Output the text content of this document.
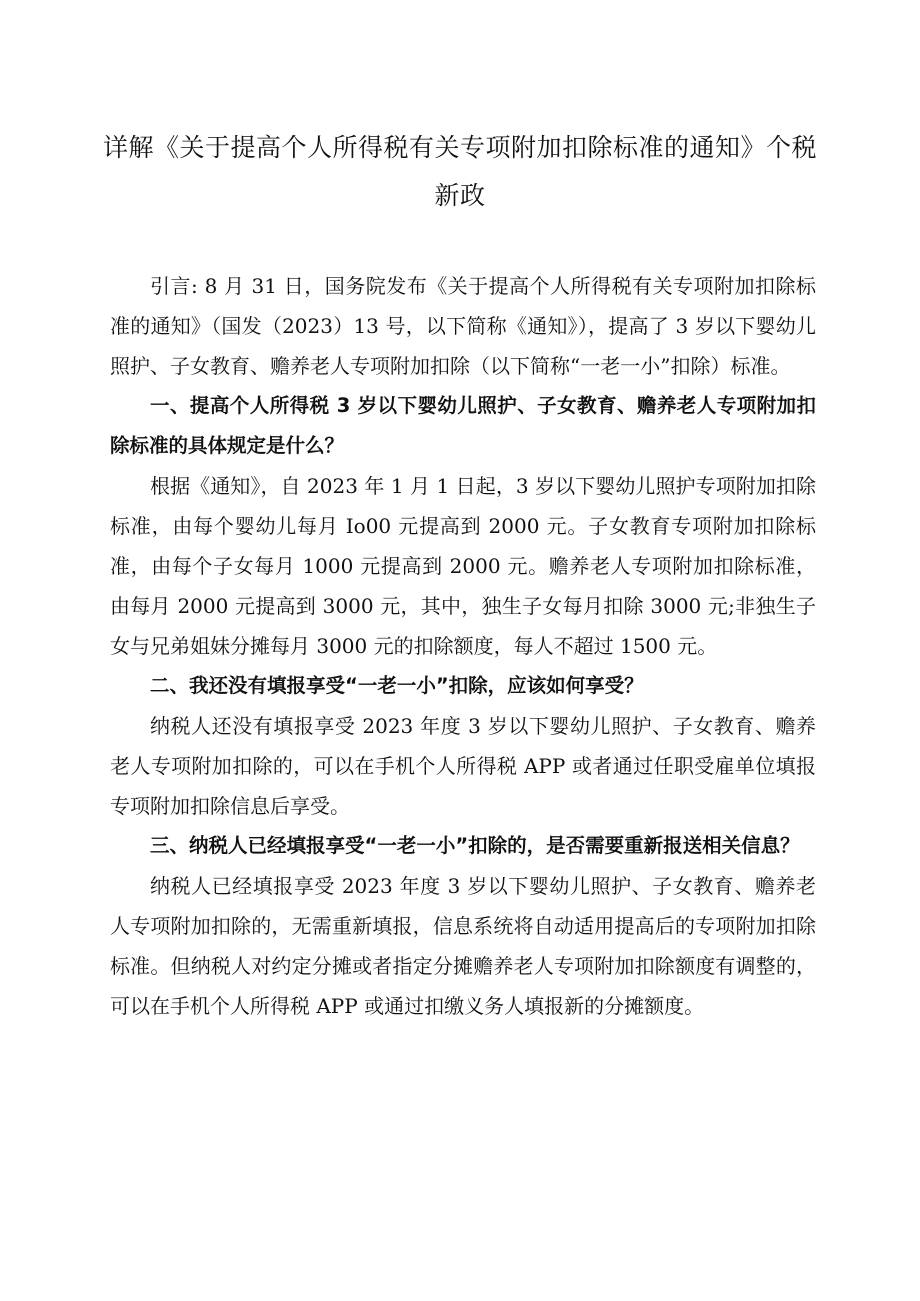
详解《关于提高个人所得税有关专项附加扣除标准的通知》个税新政

引言: 8 月 31 日，国务院发布《关于提高个人所得税有关专项附加扣除标准的通知》（国发（2023）13 号，以下简称《通知》），提高了 3 岁以下婴幼儿照护、子女教育、赡养老人专项附加扣除（以下简称“一老一小”扣除）标准。

一、提高个人所得税 3 岁以下婴幼儿照护、子女教育、赡养老人专项附加扣除标准的具体规定是什么？

根据《通知》，自 2023 年 1 月 1 日起，3 岁以下婴幼儿照护专项附加扣除标准，由每个婴幼儿每月 Io00 元提高到 2000 元。子女教育专项附加扣除标准，由每个子女每月 1000 元提高到 2000 元。赡养老人专项附加扣除标准，由每月 2000 元提高到 3000 元，其中，独生子女每月扣除 3000 元;非独生子女与兄弟姐妹分摊每月 3000 元的扣除额度，每人不超过 1500 元。

二、我还没有填报享受“一老一小”扣除，应该如何享受？

纳税人还没有填报享受 2023 年度 3 岁以下婴幼儿照护、子女教育、赡养老人专项附加扣除的，可以在手机个人所得税 APP 或者通过任职受雇单位填报专项附加扣除信息后享受。

三、纳税人已经填报享受“一老一小”扣除的，是否需要重新报送相关信息？

纳税人已经填报享受 2023 年度 3 岁以下婴幼儿照护、子女教育、赡养老人专项附加扣除的，无需重新填报，信息系统将自动适用提高后的专项附加扣除标准。但纳税人对约定分摊或者指定分摊赡养老人专项附加扣除额度有调整的，可以在手机个人所得税 APP 或通过扣缴义务人填报新的分摊额度。
